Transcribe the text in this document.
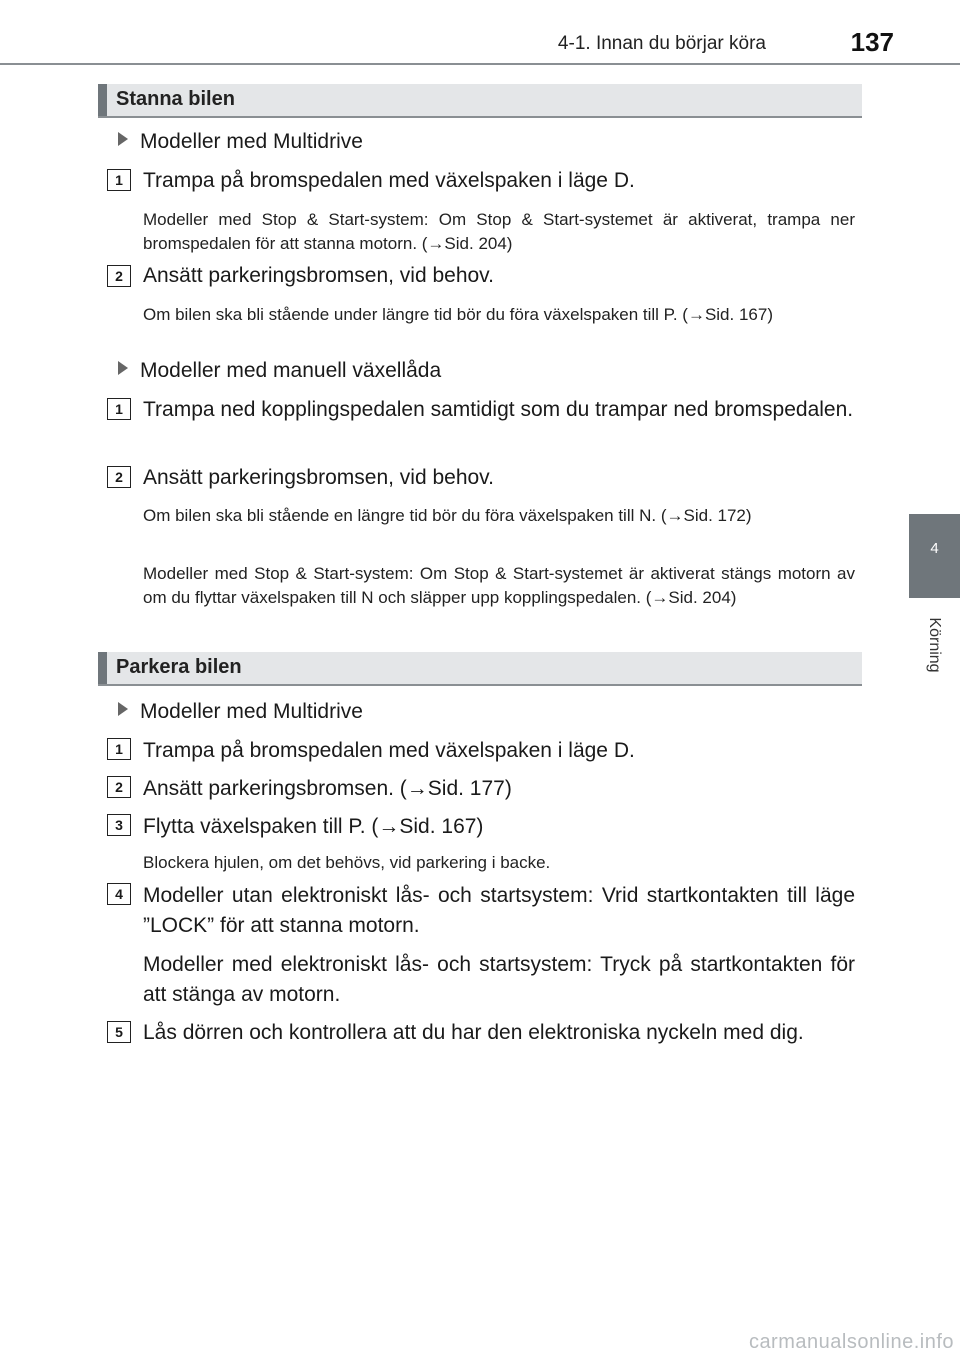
4-1. Innan du börjar köra	137
4
Körning
Stanna bilen
Modeller med Multidrive
1 Trampa på bromspedalen med växelspaken i läge D.
Modeller med Stop & Start-system: Om Stop & Start-systemet är aktiverat, trampa ner bromspedalen för att stanna motorn. (→Sid. 204)
2 Ansätt parkeringsbromsen, vid behov.
Om bilen ska bli stående under längre tid bör du föra växelspaken till P. (→Sid. 167)
Modeller med manuell växellåda
1 Trampa ned kopplingspedalen samtidigt som du trampar ned bromspedalen.
2 Ansätt parkeringsbromsen, vid behov.
Om bilen ska bli stående en längre tid bör du föra växelspaken till N. (→Sid. 172)
Modeller med Stop & Start-system: Om Stop & Start-systemet är aktiverat stängs motorn av om du flyttar växelspaken till N och släpper upp kopplingspedalen. (→Sid. 204)
Parkera bilen
Modeller med Multidrive
1 Trampa på bromspedalen med växelspaken i läge D.
2 Ansätt parkeringsbromsen. (→Sid. 177)
3 Flytta växelspaken till P. (→Sid. 167)
Blockera hjulen, om det behövs, vid parkering i backe.
4 Modeller utan elektroniskt lås- och startsystem: Vrid startkontakten till läge ”LOCK” för att stanna motorn.
Modeller med elektroniskt lås- och startsystem: Tryck på startkontakten för att stänga av motorn.
5 Lås dörren och kontrollera att du har den elektroniska nyckeln med dig.
carmanualsonline.info
